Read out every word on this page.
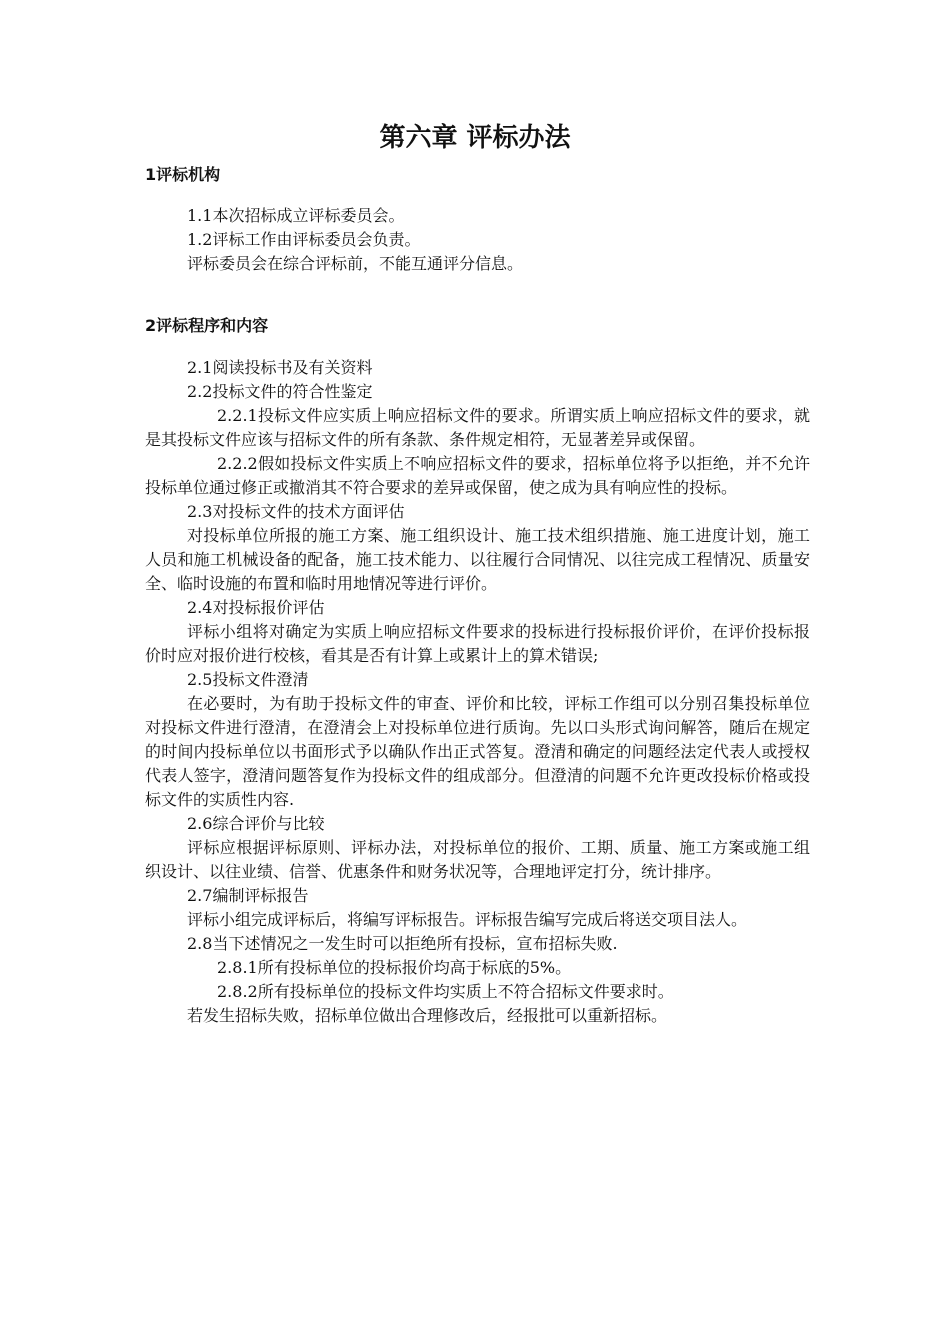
第六章 评标办法
1评标机构

1.1本次招标成立评标委员会。

1.2评标工作由评标委员会负责。

评标委员会在综合评标前，不能互通评分信息。

2评标程序和内容

2.1阅读投标书及有关资料

2.2投标文件的符合性鉴定

2.2.1投标文件应实质上响应招标文件的要求。所谓实质上响应招标文件的要求，就是其投标文件应该与招标文件的所有条款、条件规定相符，无显著差异或保留。

2.2.2假如投标文件实质上不响应招标文件的要求，招标单位将予以拒绝，并不允许投标单位通过修正或撤消其不符合要求的差异或保留，使之成为具有响应性的投标。

2.3对投标文件的技术方面评估

对投标单位所报的施工方案、施工组织设计、施工技术组织措施、施工进度计划，施工人员和施工机械设备的配备，施工技术能力、以往履行合同情况、以往完成工程情况、质量安全、临时设施的布置和临时用地情况等进行评价。

2.4对投标报价评估

评标小组将对确定为实质上响应招标文件要求的投标进行投标报价评价，在评价投标报价时应对报价进行校核，看其是否有计算上或累计上的算术错误;

2.5投标文件澄清

在必要时，为有助于投标文件的审查、评价和比较，评标工作组可以分别召集投标单位对投标文件进行澄清，在澄清会上对投标单位进行质询。先以口头形式询问解答，随后在规定的时间内投标单位以书面形式予以确队作出正式答复。澄清和确定的问题经法定代表人或授权代表人签字，澄清问题答复作为投标文件的组成部分。但澄清的问题不允许更改投标价格或投标文件的实质性内容.

2.6综合评价与比较

评标应根据评标原则、评标办法，对投标单位的报价、工期、质量、施工方案或施工组织设计、以往业绩、信誉、优惠条件和财务状况等，合理地评定打分，统计排序。

2.7编制评标报告

评标小组完成评标后，将编写评标报告。评标报告编写完成后将送交项目法人。

2.8当下述情况之一发生时可以拒绝所有投标，宣布招标失败.

2.8.1所有投标单位的投标报价均高于标底的5%。

2.8.2所有投标单位的投标文件均实质上不符合招标文件要求时。

若发生招标失败，招标单位做出合理修改后，经报批可以重新招标。
